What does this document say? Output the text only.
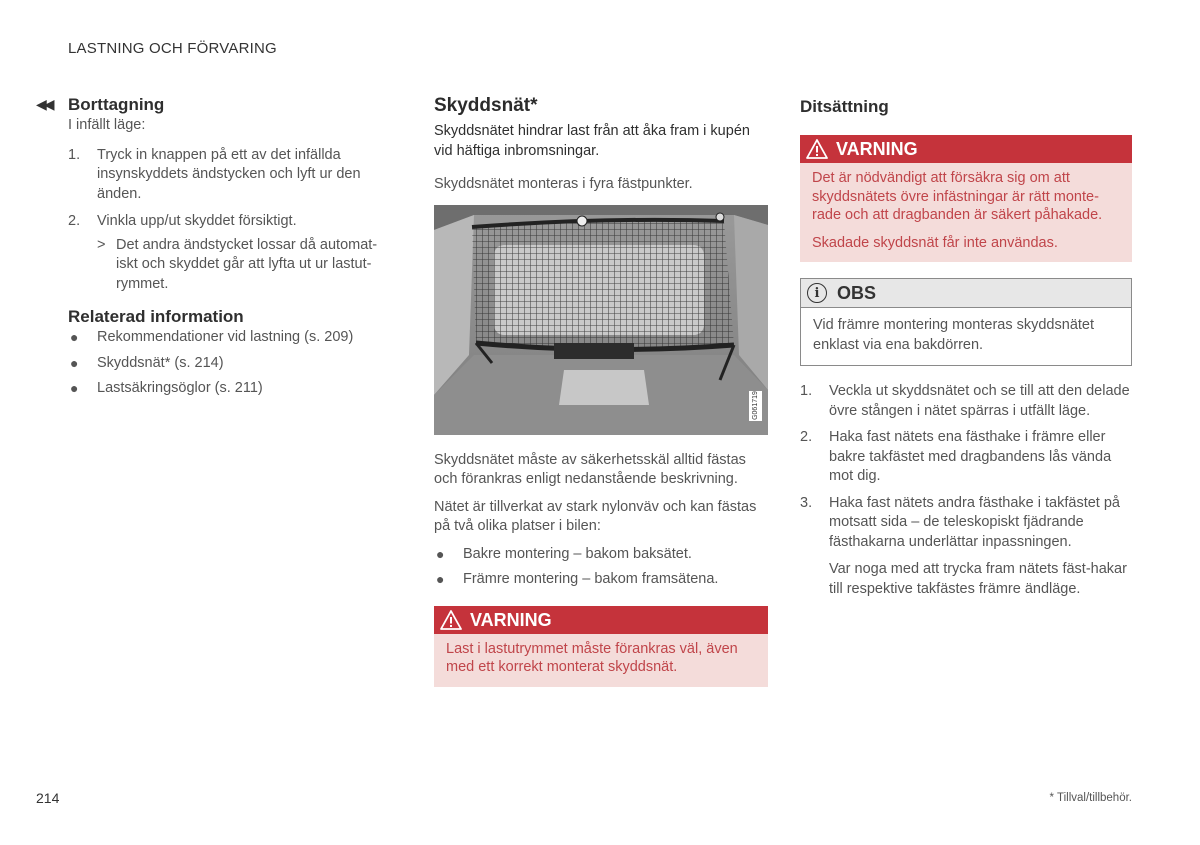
LASTNING OCH FÖRVARING
◀◀ Borttagning

I infällt läge:

1. Tryck in knappen på ett av det infällda insynskyddets ändstycken och lyft ur den änden.
2. Vinkla upp/ut skyddet försiktigt.
> Det andra ändstycket lossar då automat-iskt och skyddet går att lyfta ut ur lastut-rymmet.
Relaterad information
● Rekommendationer vid lastning (s. 209)
● Skyddsnät* (s. 214)
● Lastsäkringsöglor (s. 211)
Skyddsnät*

Skyddsnätet hindrar last från att åka fram i kupén vid häftiga inbromsningar.

Skyddsnätet monteras i fyra fästpunkter.

G061719

Skyddsnätet måste av säkerhetsskäl alltid fästas och förankras enligt nedanstående beskrivning.

Nätet är tillverkat av stark nylonväv och kan fästas på två olika platser i bilen:

● Bakre montering – bakom baksätet.
● Främre montering – bakom framsätena.
VARNING

Last i lastutrymmet måste förankras väl, även med ett korrekt monterat skyddsnät.

Ditsättning
VARNING

Det är nödvändigt att försäkra sig om att skyddsnätets övre infästningar är rätt monte-rade och att dragbanden är säkert påhakade.

Skadade skyddsnät får inte användas.

i OBS
Vid främre montering monteras skyddsnätet enklast via ena bakdörren.
1. Veckla ut skyddsnätet och se till att den delade övre stången i nätet spärras i utfällt läge.
2. Haka fast nätets ena fästhake i främre eller bakre takfästet med dragbandens lås vända mot dig.
3. Haka fast nätets andra fästhake i takfästet på motsatt sida – de teleskopiskt fjädrande fästhakarna underlättar inpassningen.
Var noga med att trycka fram nätets fäst-hakar till respektive takfästes främre ändläge.
214	* Tillval/tillbehör.
